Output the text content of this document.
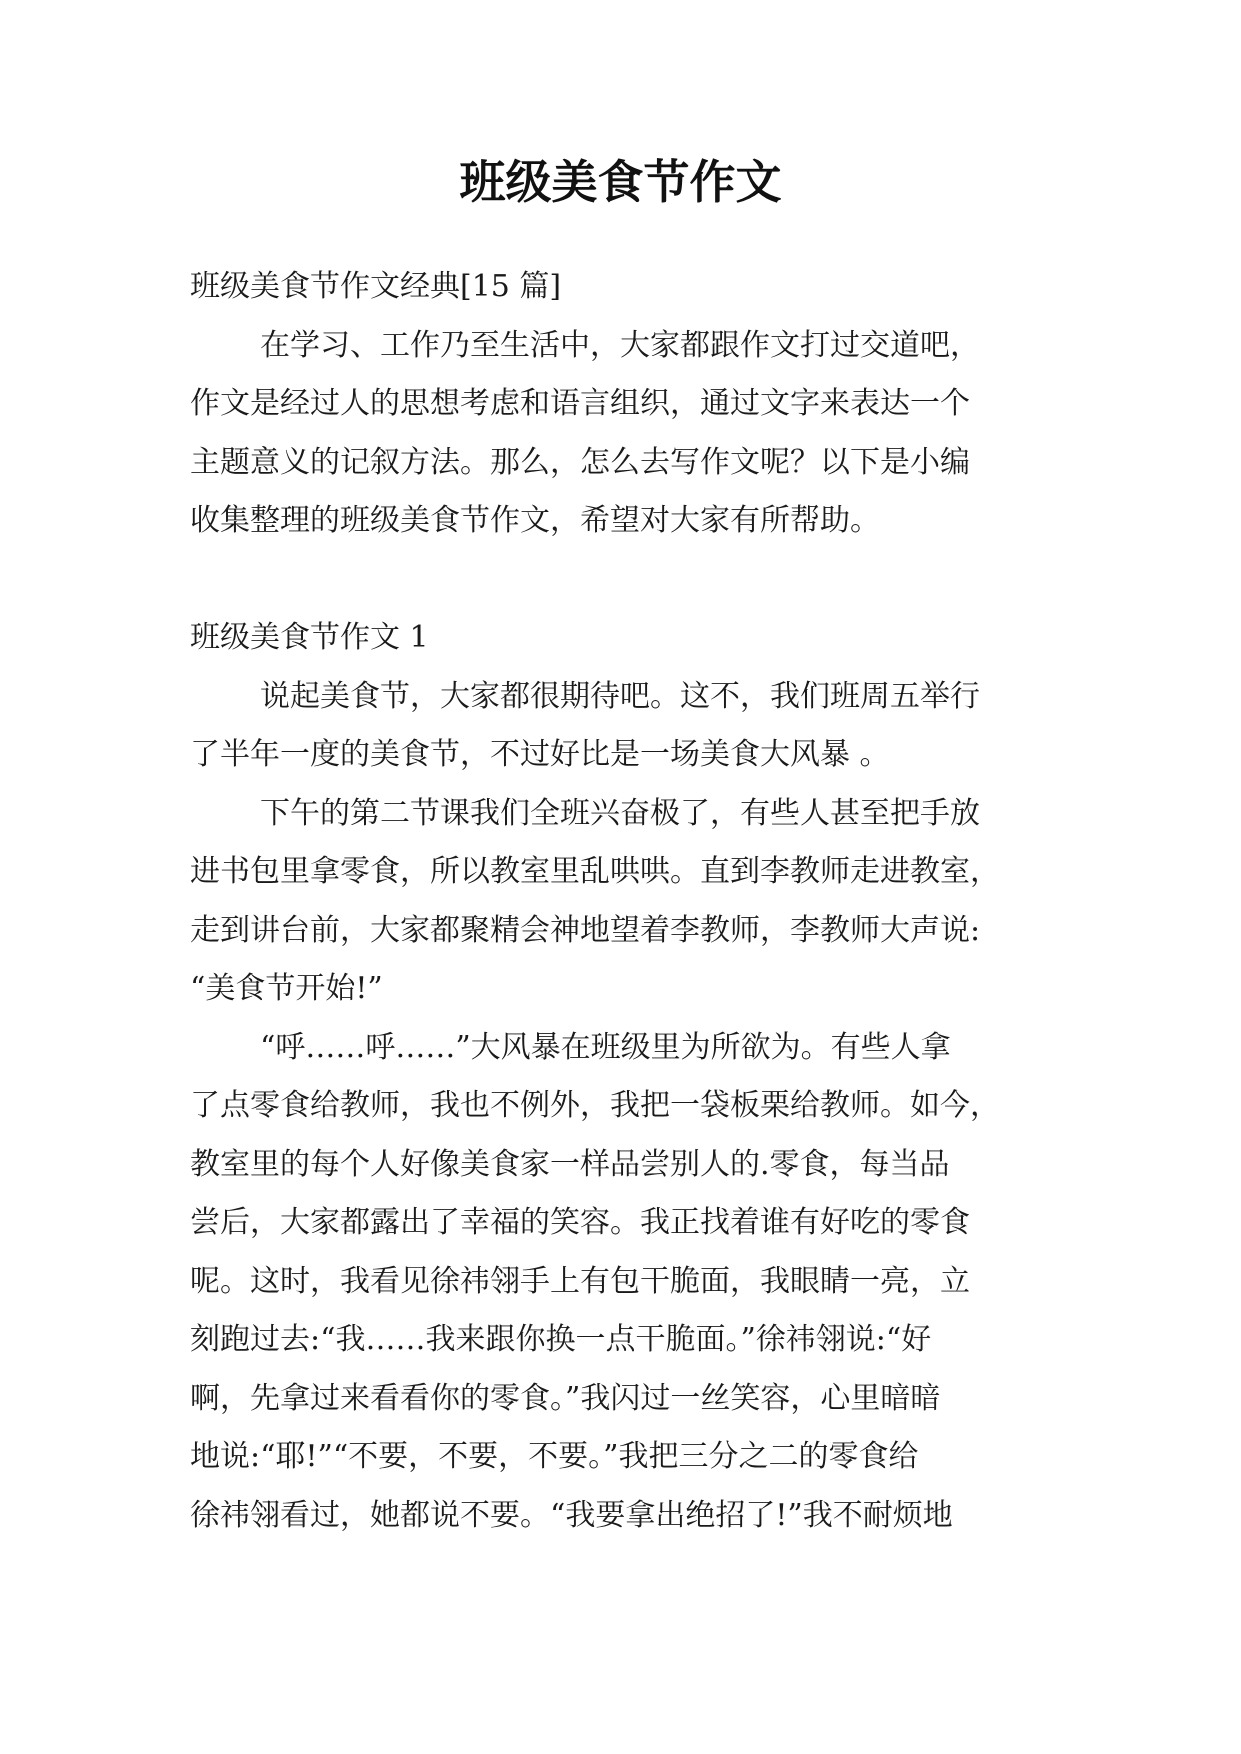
班级美食节作文
班级美食节作文经典[15 篇]
在学习、工作乃至生活中，大家都跟作文打过交道吧，
作文是经过人的思想考虑和语言组织，通过文字来表达一个
主题意义的记叙方法。那么，怎么去写作文呢？以下是小编
收集整理的班级美食节作文，希望对大家有所帮助。
班级美食节作文 1
说起美食节，大家都很期待吧。这不，我们班周五举行
了半年一度的美食节，不过好比是一场美食大风暴 。
下午的第二节课我们全班兴奋极了，有些人甚至把手放
进书包里拿零食，所以教室里乱哄哄。直到李教师走进教室，
走到讲台前，大家都聚精会神地望着李教师，李教师大声说:
“美食节开始!”
“呼……呼……”大风暴在班级里为所欲为。有些人拿
了点零食给教师，我也不例外，我把一袋板栗给教师。如今，
教室里的每个人好像美食家一样品尝别人的.零食，每当品
尝后，大家都露出了幸福的笑容。我正找着谁有好吃的零食
呢。这时，我看见徐祎翎手上有包干脆面，我眼睛一亮，立
刻跑过去:“我……我来跟你换一点干脆面。”徐祎翎说:“好
啊，先拿过来看看你的零食。”我闪过一丝笑容，心里暗暗
地说:“耶!”“不要，不要，不要。”我把三分之二的零食给
徐祎翎看过，她都说不要。“我要拿出绝招了!”我不耐烦地
